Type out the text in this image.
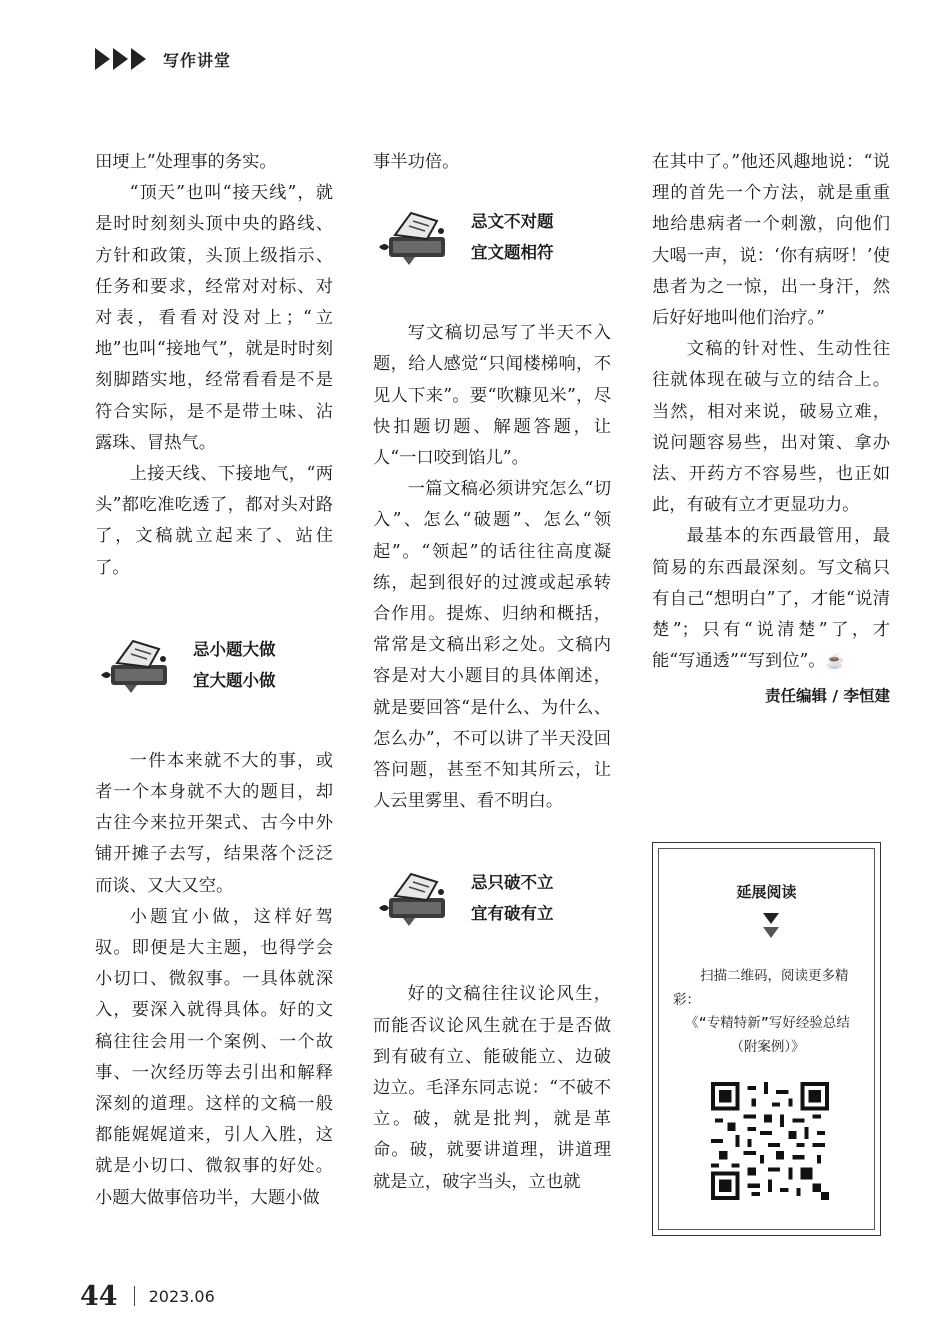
写作讲堂

田埂上”处理事的务实。

“顶天”也叫“接天线”，就是时时刻刻头顶中央的路线、方针和政策，头顶上级指示、任务和要求，经常对对标、对对表，看看对没对上；“立地”也叫“接地气”，就是时时刻刻脚踏实地，经常看看是不是符合实际，是不是带土味、沾露珠、冒热气。

上接天线、下接地气，“两头”都吃准吃透了，都对头对路了，文稿就立起来了、站住了。

忌小题大做
宜大题小做

一件本来就不大的事，或者一个本身就不大的题目，却古往今来拉开架式、古今中外铺开摊子去写，结果落个泛泛而谈、又大又空。

小题宜小做，这样好驾驭。即便是大主题，也得学会小切口、微叙事。一具体就深入，要深入就得具体。好的文稿往往会用一个案例、一个故事、一次经历等去引出和解释深刻的道理。这样的文稿一般都能娓娓道来，引人入胜，这就是小切口、微叙事的好处。小题大做事倍功半，大题小做

事半功倍。

忌文不对题
宜文题相符

写文稿切忌写了半天不入题，给人感觉“只闻楼梯响，不见人下来”。要“吹糠见米”，尽快扣题切题、解题答题，让人“一口咬到馅儿”。

一篇文稿必须讲究怎么“切入”、怎么“破题”、怎么“领起”。“领起”的话往往高度凝练，起到很好的过渡或起承转合作用。提炼、归纳和概括，常常是文稿出彩之处。文稿内容是对大小题目的具体阐述，就是要回答“是什么、为什么、怎么办”，不可以讲了半天没回答问题，甚至不知其所云，让人云里雾里、看不明白。

忌只破不立
宜有破有立

好的文稿往往议论风生，而能否议论风生就在于是否做到有破有立、能破能立、边破边立。毛泽东同志说：“不破不立。破，就是批判，就是革命。破，就要讲道理，讲道理就是立，破字当头，立也就

在其中了。”他还风趣地说：“说理的首先一个方法，就是重重地给患病者一个刺激，向他们大喝一声，说：‘你有病呀！’使患者为之一惊，出一身汗，然后好好地叫他们治疗。”

文稿的针对性、生动性往往就体现在破与立的结合上。当然，相对来说，破易立难，说问题容易些，出对策、拿办法、开药方不容易些，也正如此，有破有立才更显功力。

最基本的东西最管用，最简易的东西最深刻。写文稿只有自己“想明白”了，才能“说清楚”；只有“说清楚”了，才能“写通透”“写到位”。☕

责任编辑 / 李恒建
延展阅读
扫描二维码，阅读更多精彩：
《“专精特新”写好经验总结（附案例）》
44 2023.06
